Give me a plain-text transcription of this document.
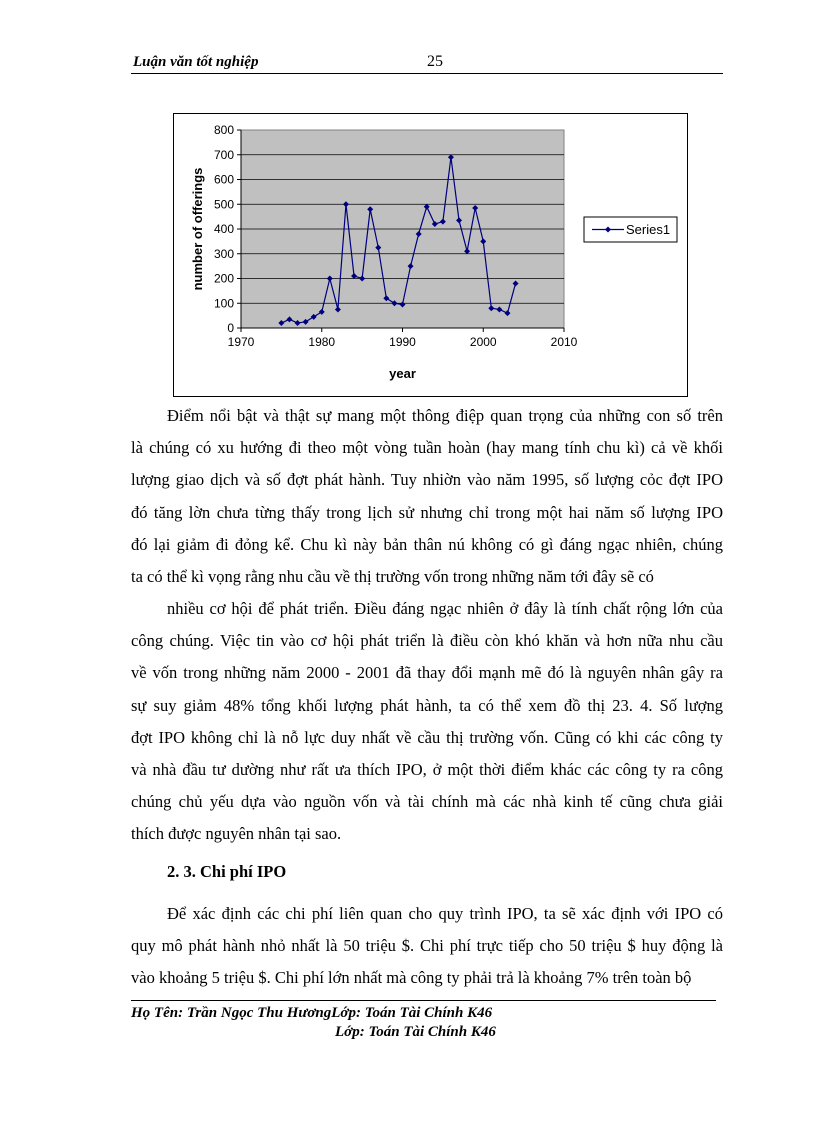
Luận văn tốt nghiệp	25
0
100
200
300
400
500
600
700
800
1970	1980	1990	2000	2010
year
number of offerings	Series1
Điểm nổi bật và thật sự mang một thông điệp quan trọng của những con số trên
là chúng có xu hướng đi theo một vòng tuần hoàn (hay mang tính chu kì) cả về khối
lượng giao dịch và số đợt phát hành. Tuy nhiờn vào năm 1995, số lượng cỏc đợt IPO
đó tăng lờn chưa từng thấy trong lịch sử nhưng chỉ trong một hai năm số lượng IPO
đó lại giảm đi đỏng kể. Chu kì này bản thân nú không có gì đáng ngạc nhiên, chúng
ta có thể kì vọng rằng nhu cầu về thị trường vốn trong những năm tới đây sẽ có
nhiều cơ hội để phát triển. Điều đáng ngạc nhiên ở đây là tính chất rộng lớn của
công chúng. Việc tin vào cơ hội phát triển là điều còn khó khăn và hơn nữa nhu cầu
về vốn trong những năm 2000 - 2001 đã thay đổi mạnh mẽ đó là nguyên nhân gây ra
sự suy giảm 48% tổng khối lượng phát hành, ta có thể xem đồ thị 23. 4. Số lượng
đợt IPO không chỉ là nỗ lực duy nhất về cầu thị trường vốn. Cũng có khi các công ty
và nhà đầu tư dường như rất ưa thích IPO, ở một thời điểm khác các công ty ra công
chúng chủ yếu dựa vào nguồn vốn và tài chính mà các nhà kinh tế cũng chưa giải
thích được nguyên nhân tại sao.
2. 3. Chi phí IPO
Để xác định các chi phí liên quan cho quy trình IPO, ta sẽ xác định với IPO có
quy mô phát hành nhỏ nhất là 50 triệu $. Chi phí trực tiếp cho 50 triệu $ huy động là
vào khoảng 5 triệu $. Chi phí lớn nhất mà công ty phải trả là khoảng 7% trên toàn bộ
Họ Tên: Trần Ngọc Thu HươngLớp: Toán Tài Chính K46
Lớp: Toán Tài Chính K46
